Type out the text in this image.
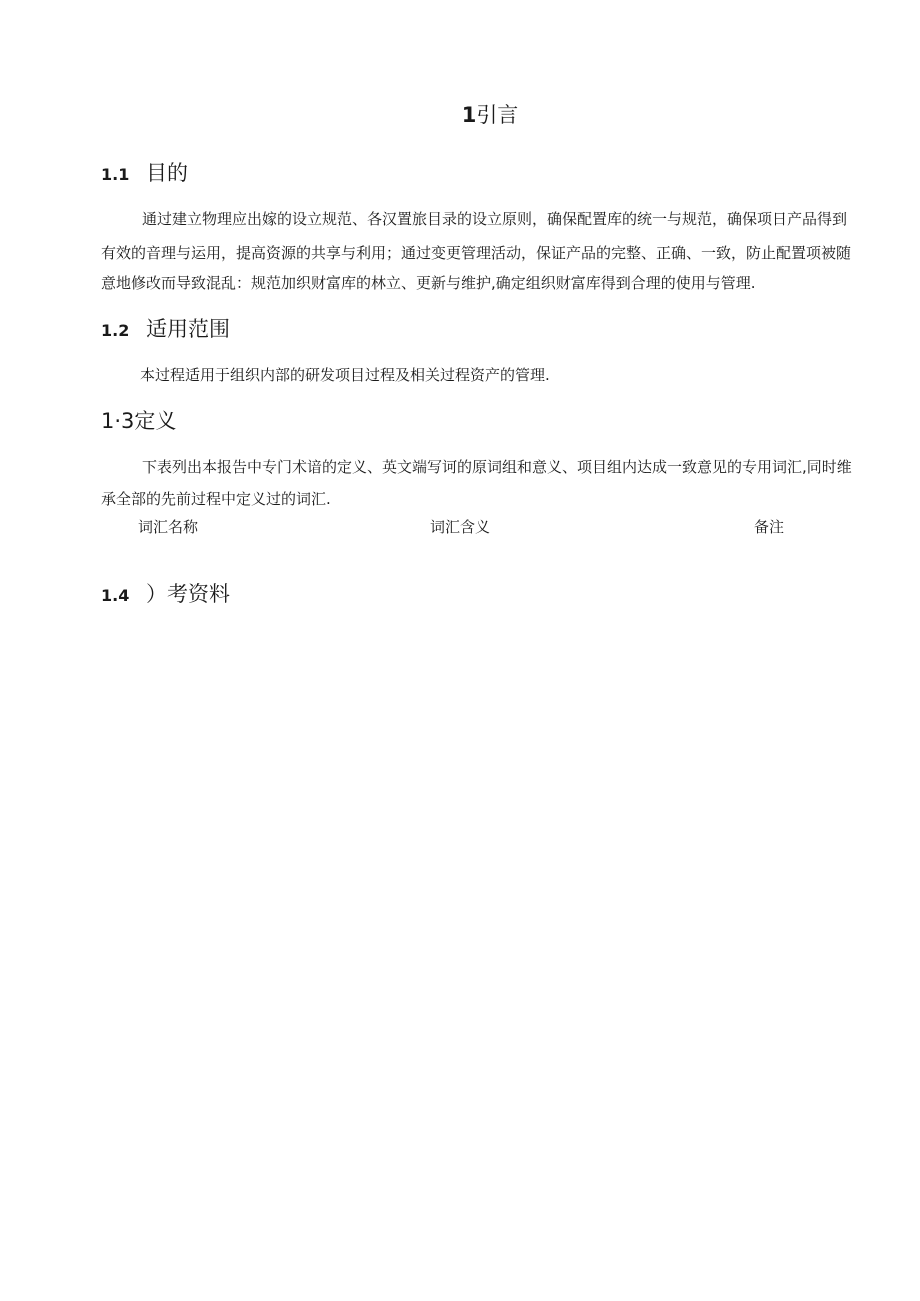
1引言
1.1 目的
通过建立物理应出嫁的设立规范、各汉置旅目录的设立原则，确保配置库的统一与规范，确保项日产品得到
有效的音理与运用，提高资源的共享与利用；通过变更管理活动，保证产品的完整、正确、一致，防止配置项被随
意地修改而导致混乱：规范加织财富库的林立、更新与维护,确定组织财富库得到合理的使用与管理.
1.2 适用范围
本过程适用于组织内部的研发项目过程及相关过程资产的管理.
1·3定义
下表列出本报告中专门术谙的定义、英文端写诃的原词组和意义、项目组内达成一致意见的专用词汇,同时维
承全部的先前过程中定义过的词汇.
词汇名称	词汇含义	备注
1.4 ）考资料
